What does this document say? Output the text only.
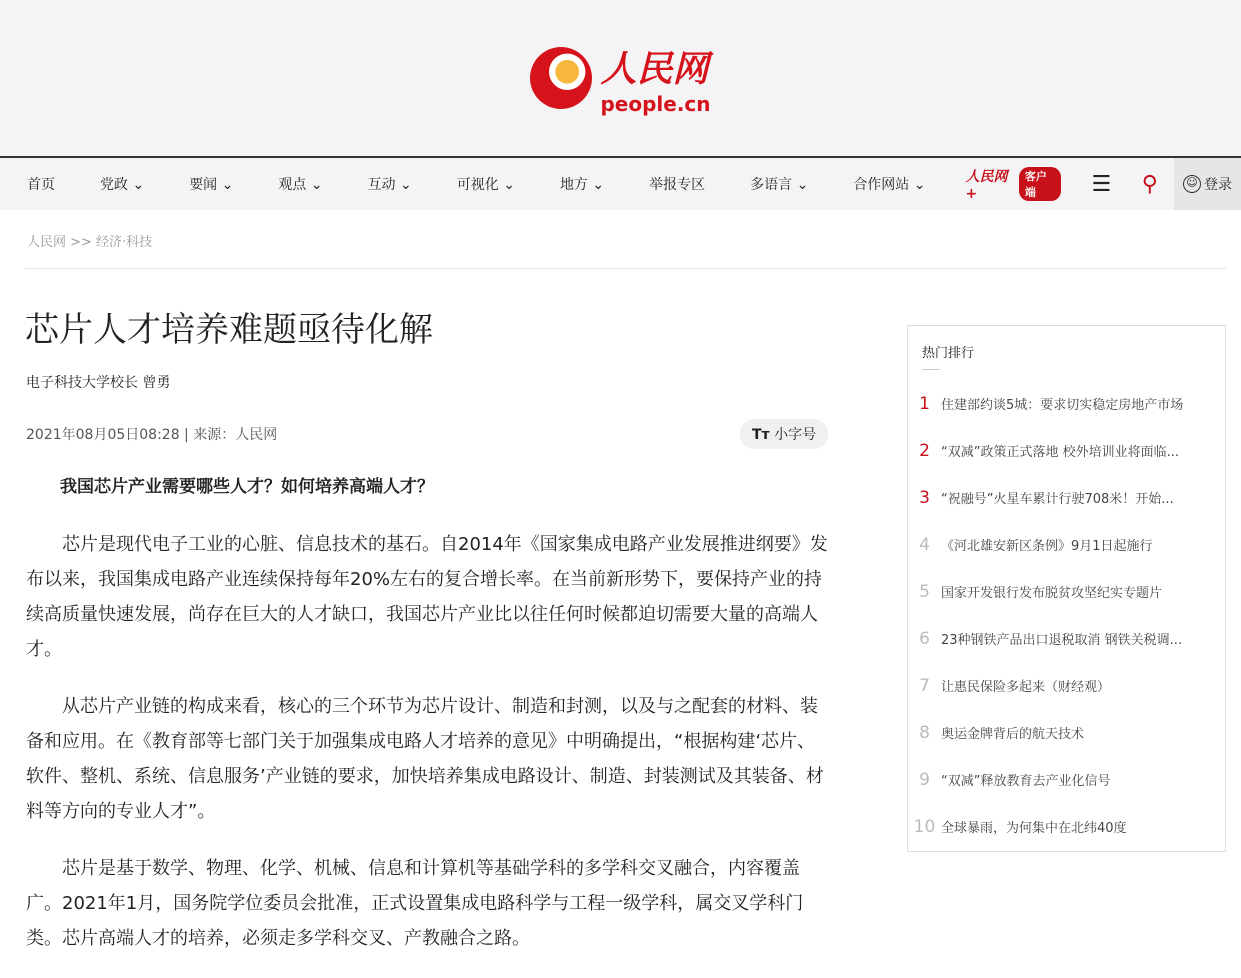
人民网
people.cn
首页	党政 ⌄	要闻 ⌄	观点 ⌄	互动 ⌄	可视化 ⌄	地方 ⌄	举报专区	多语言 ⌄	合作网站 ⌄	人民网+
客户端	☰	⚲	☺ 登录
人民网 >> 经济·科技
芯片人才培养难题亟待化解
电子科技大学校长 曾勇
2021年08月05日08:28 | 来源：人民网	Tт 小字号

我国芯片产业需要哪些人才？如何培养高端人才？

芯片是现代电子工业的心脏、信息技术的基石。自2014年《国家集成电路产业发展推进纲要》发布以来，我国集成电路产业连续保持每年20%左右的复合增长率。在当前新形势下，要保持产业的持续高质量快速发展，尚存在巨大的人才缺口，我国芯片产业比以往任何时候都迫切需要大量的高端人才。

从芯片产业链的构成来看，核心的三个环节为芯片设计、制造和封测，以及与之配套的材料、装备和应用。在《教育部等七部门关于加强集成电路人才培养的意见》中明确提出，“根据构建‘芯片、软件、整机、系统、信息服务’产业链的要求，加快培养集成电路设计、制造、封装测试及其装备、材料等方向的专业人才”。

芯片是基于数学、物理、化学、机械、信息和计算机等基础学科的多学科交叉融合，内容覆盖广。2021年1月，国务院学位委员会批准，正式设置集成电路科学与工程一级学科，属交叉学科门类。芯片高端人才的培养，必须走多学科交叉、产教融合之路。

热门排行
1 住建部约谈5城：要求切实稳定房地产市场
2 “双减”政策正式落地 校外培训业将面临...
3 “祝融号”火星车累计行驶708米！开始...
4 《河北雄安新区条例》9月1日起施行
5 国家开发银行发布脱贫攻坚纪实专题片
6 23种钢铁产品出口退税取消 钢铁关税调...
7 让惠民保险多起来（财经观）
8 奥运金牌背后的航天技术
9 “双减”释放教育去产业化信号
10 全球暴雨，为何集中在北纬40度
